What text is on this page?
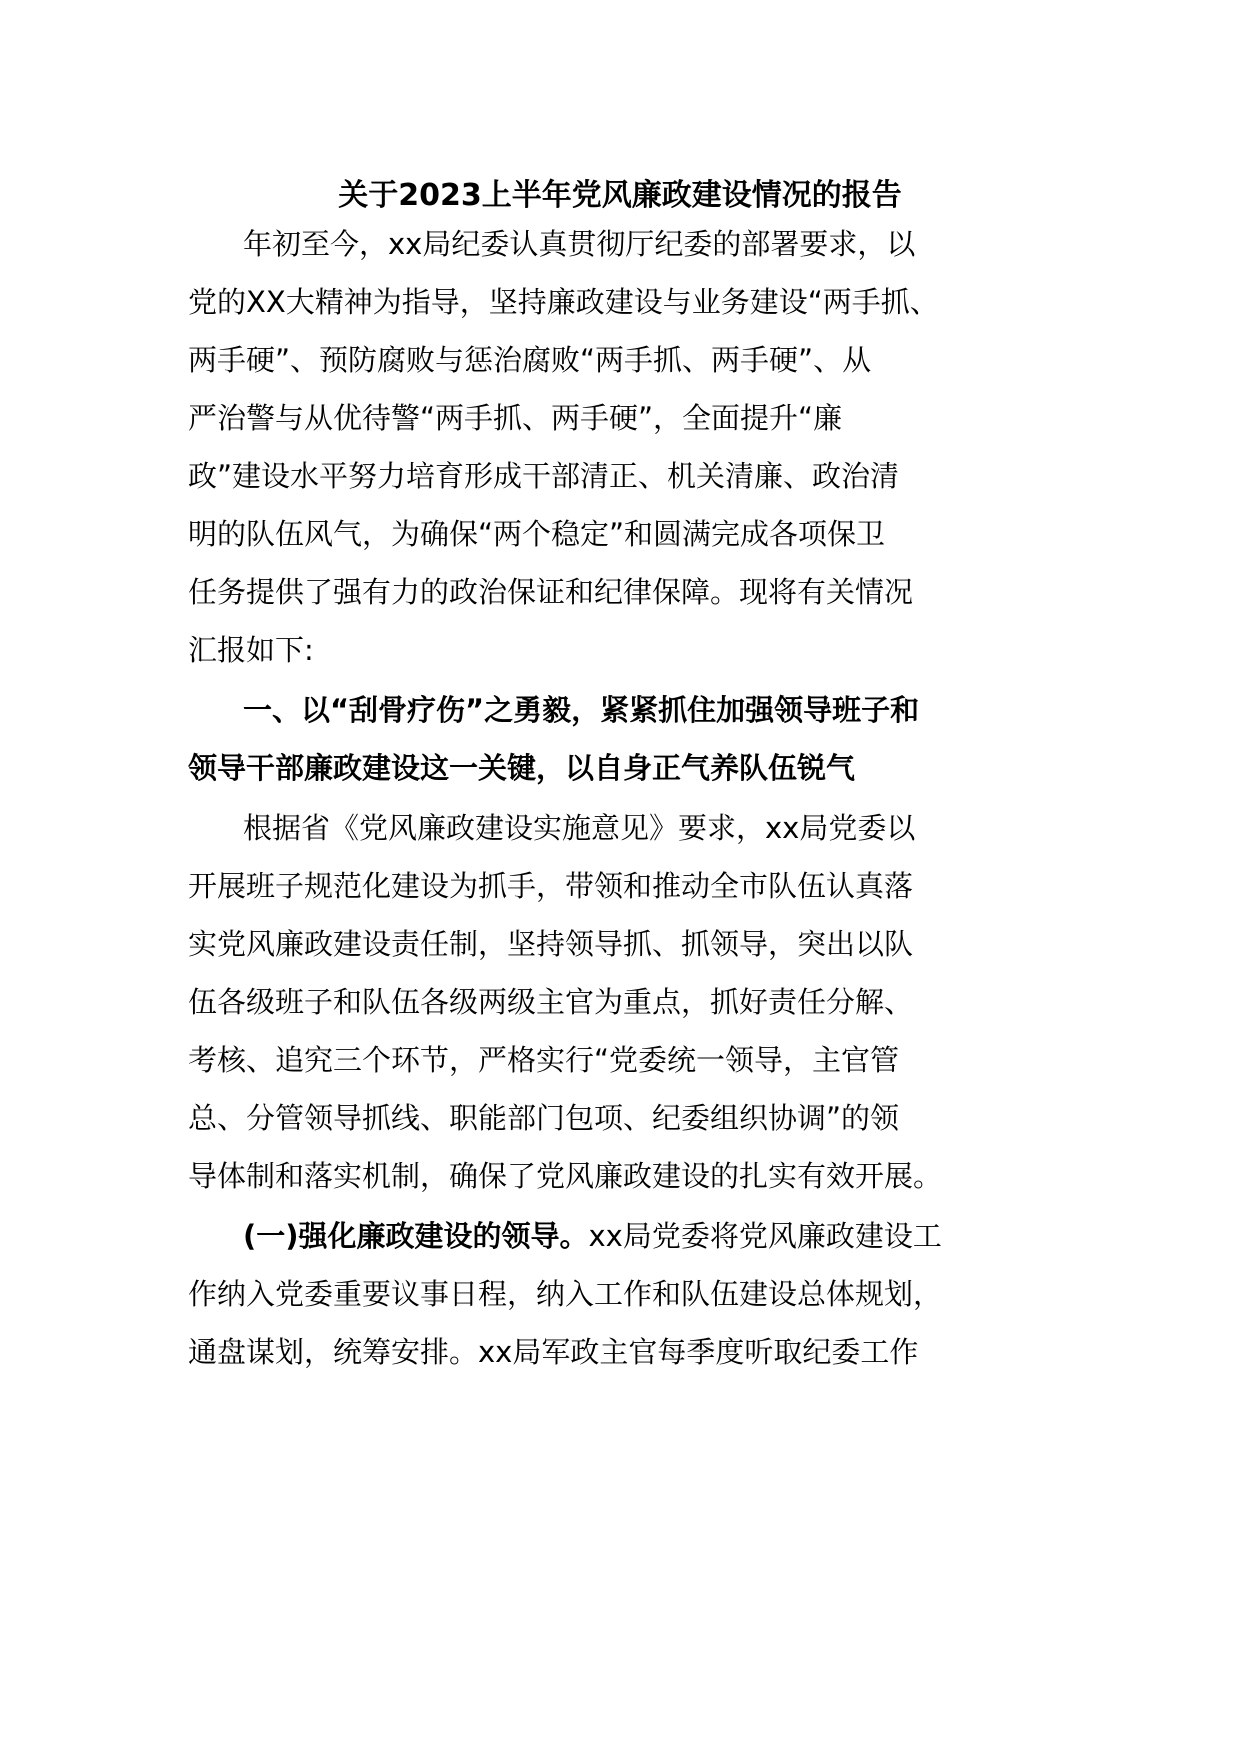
关于2023上半年党风廉政建设情况的报告
年初至今，xx局纪委认真贯彻厅纪委的部署要求，以
党的XX大精神为指导，坚持廉政建设与业务建设“两手抓、
两手硬”、预防腐败与惩治腐败“两手抓、两手硬”、从
严治警与从优待警“两手抓、两手硬”，全面提升“廉
政”建设水平努力培育形成干部清正、机关清廉、政治清
明的队伍风气，为确保“两个稳定”和圆满完成各项保卫
任务提供了强有力的政治保证和纪律保障。现将有关情况
汇报如下:
一、以“刮骨疗伤”之勇毅，紧紧抓住加强领导班子和
领导干部廉政建设这一关键，以自身正气养队伍锐气
根据省《党风廉政建设实施意见》要求，xx局党委以
开展班子规范化建设为抓手，带领和推动全市队伍认真落
实党风廉政建设责任制，坚持领导抓、抓领导，突出以队
伍各级班子和队伍各级两级主官为重点，抓好责任分解、
考核、追究三个环节，严格实行“党委统一领导，主官管
总、分管领导抓线、职能部门包项、纪委组织协调”的领
导体制和落实机制，确保了党风廉政建设的扎实有效开展。
(一)强化廉政建设的领导。xx局党委将党风廉政建设工
作纳入党委重要议事日程，纳入工作和队伍建设总体规划，
通盘谋划，统筹安排。xx局军政主官每季度听取纪委工作
